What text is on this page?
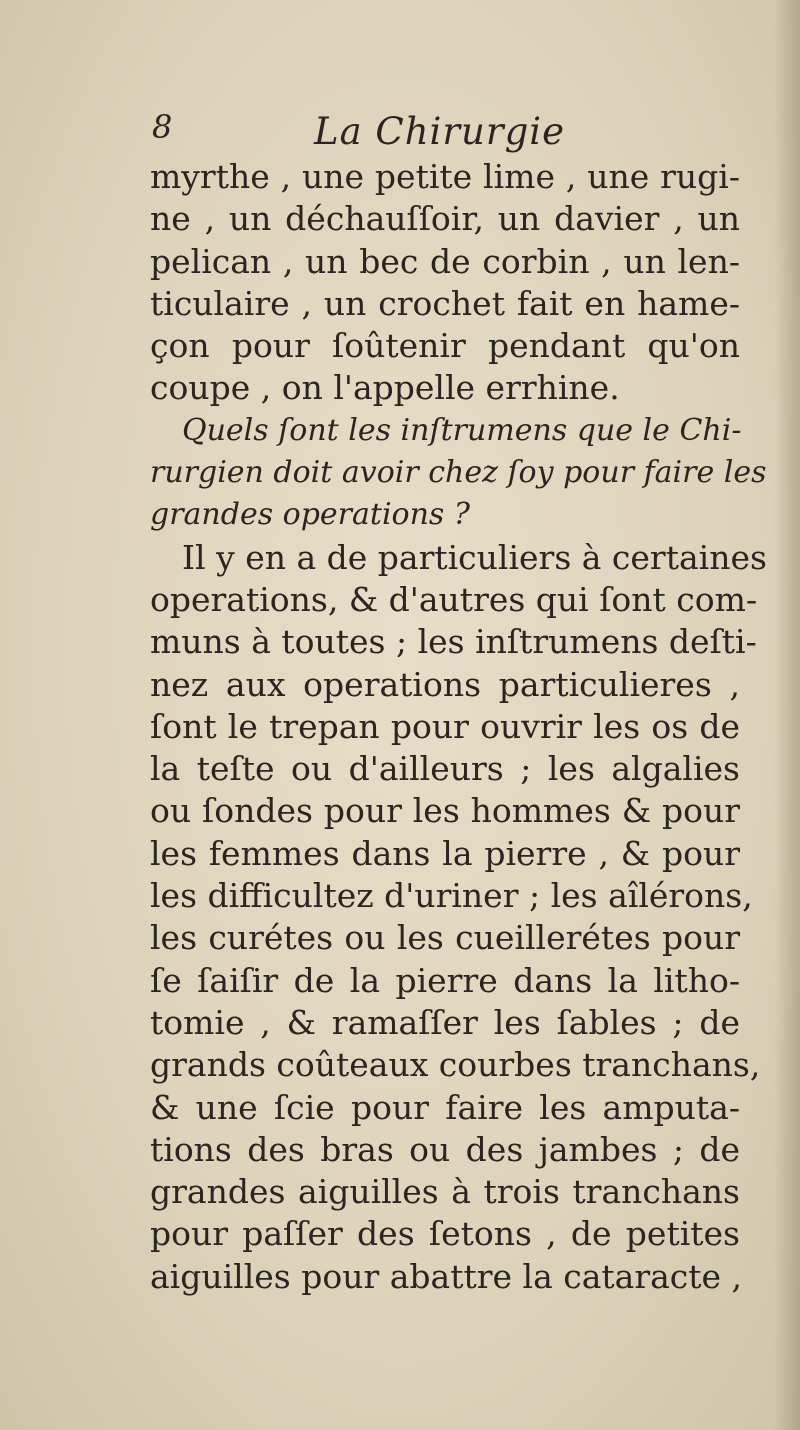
8	La Chirurgie
myrthe , une petite lime , une rugi-
ne , un déchauſſoir, un davier , un
pelican , un bec de corbin , un len-
ticulaire , un crochet fait en hame-
çon pour ſoûtenir pendant qu'on
coupe , on l'appelle errhine.
Quels ſont les inſtrumens que le Chi-
rurgien doit avoir chez ſoy pour faire les
grandes operations ?
Il y en a de particuliers à certaines
operations, & d'autres qui ſont com-
muns à toutes ; les inſtrumens deſti-
nez aux operations particulieres ,
ſont le trepan pour ouvrir les os de
la teſte ou d'ailleurs ; les algalies
ou ſondes pour les hommes & pour
les femmes dans la pierre , & pour
les difficultez d'uriner ; les aîlérons,
les curétes ou les cueillerétes pour
ſe ſaiſir de la pierre dans la litho-
tomie , & ramaſſer les ſables ; de
grands coûteaux courbes tranchans,
& une ſcie pour faire les amputa-
tions des bras ou des jambes ; de
grandes aiguilles à trois tranchans
pour paſſer des ſetons , de petites
aiguilles pour abattre la cataracte ,
